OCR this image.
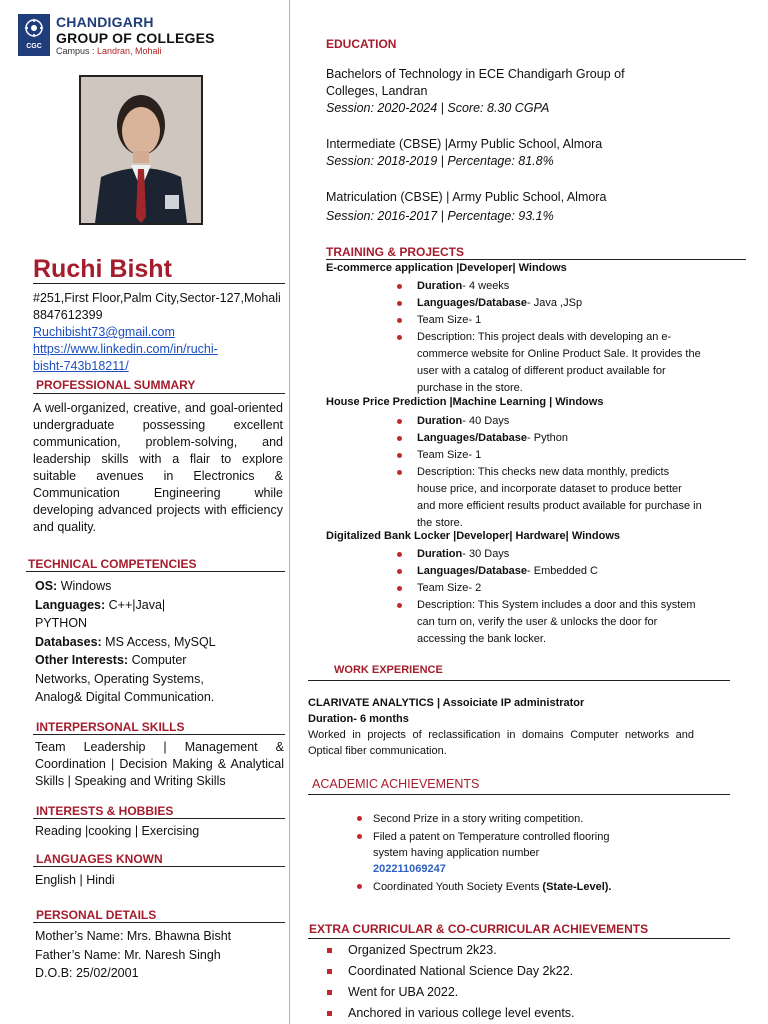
CGC
CHANDIGARH
GROUP OF COLLEGES
Campus : Landran, Mohali
Ruchi Bisht
#251,First Floor,Palm City,Sector-127,Mohali
8847612399
Ruchibisht73@gmail.com
https://www.linkedin.com/in/ruchi-
bisht-743b18211/
PROFESSIONAL SUMMARY
A well-organized, creative, and goal-oriented undergraduate possessing excellent communication, problem-solving, and leadership skills with a flair to explore suitable avenues in Electronics & Communication Engineering while developing advanced projects with efficiency and quality.
TECHNICAL COMPETENCIES
OS: Windows
Languages: C++|Java|
PYTHON
Databases: MS Access, MySQL
Other Interests: Computer Networks, Operating Systems, Analog& Digital Communication.
INTERPERSONAL SKILLS
Team Leadership | Management & Coordination | Decision Making & Analytical Skills | Speaking and Writing Skills
INTERESTS & HOBBIES
Reading |cooking | Exercising
LANGUAGES KNOWN
English | Hindi
PERSONAL DETAILS
Mother’s Name: Mrs. Bhawna Bisht
Father’s Name: Mr. Naresh Singh
D.O.B: 25/02/2001
EDUCATION
Bachelors of Technology in ECE Chandigarh Group of Colleges, Landran
Session: 2020-2024 | Score: 8.30 CGPA
Intermediate (CBSE) |Army Public School, Almora
Session: 2018-2019 | Percentage: 81.8%
Matriculation (CBSE) | Army Public School, Almora
Session: 2016-2017 | Percentage: 93.1%
TRAINING & PROJECTS
E-commerce application |Developer| Windows
Duration- 4 weeks
Languages/Database- Java ,JSp
Team Size- 1
Description: This project deals with developing an e-commerce website for Online Product Sale. It provides the user with a catalog of different product available for purchase in the store.
House Price Prediction |Machine Learning | Windows
Duration- 40 Days
Languages/Database- Python
Team Size- 1
Description: This checks new data monthly, predicts house price, and incorporate dataset to produce better and more efficient results product available for purchase in the store.
Digitalized Bank Locker |Developer| Hardware| Windows
Duration- 30 Days
Languages/Database- Embedded C
Team Size- 2
Description: This System includes a door and this system can turn on, verify the user & unlocks the door for accessing the bank locker.
WORK EXPERIENCE
CLARIVATE ANALYTICS | Assoiciate IP administrator
Duration- 6 months
Worked in projects of reclassification in domains Computer networks and Optical fiber communication.
ACADEMIC ACHIEVEMENTS
Second Prize in a story writing competition.
Filed a patent on Temperature controlled flooring system having application number
202211069247
Coordinated Youth Society Events (State-Level).
EXTRA CURRICULAR & CO-CURRICULAR ACHIEVEMENTS
Organized Spectrum 2k23.
Coordinated National Science Day 2k22.
Went for UBA 2022.
Anchored in various college level events.
